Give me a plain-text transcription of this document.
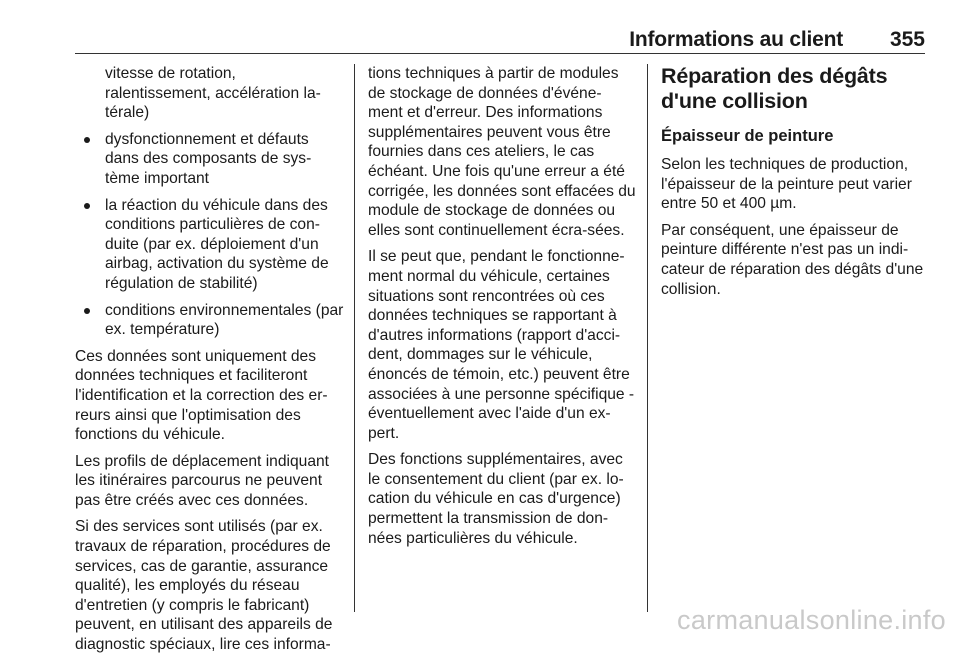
Informations au client 355
vitesse de rotation, ralentissement, accélération la-térale)
dysfonctionnement et défauts dans des composants de sys-tème important
la réaction du véhicule dans des conditions particulières de con-duite (par ex. déploiement d'un airbag, activation du système de régulation de stabilité)
conditions environnementales (par ex. température)

Ces données sont uniquement des données techniques et faciliteront l'identification et la correction des er-reurs ainsi que l'optimisation des fonctions du véhicule.

Les profils de déplacement indiquant les itinéraires parcourus ne peuvent pas être créés avec ces données.

Si des services sont utilisés (par ex. travaux de réparation, procédures de services, cas de garantie, assurance qualité), les employés du réseau d'entretien (y compris le fabricant) peuvent, en utilisant des appareils de diagnostic spéciaux, lire ces informa-

tions techniques à partir de modules de stockage de données d'événe-ment et d'erreur. Des informations supplémentaires peuvent vous être fournies dans ces ateliers, le cas échéant. Une fois qu'une erreur a été corrigée, les données sont effacées du module de stockage de données ou elles sont continuellement écra-sées.

Il se peut que, pendant le fonctionne-ment normal du véhicule, certaines situations sont rencontrées où ces données techniques se rapportant à d'autres informations (rapport d'acci-dent, dommages sur le véhicule, énoncés de témoin, etc.) peuvent être associées à une personne spécifique - éventuellement avec l'aide d'un ex-pert.

Des fonctions supplémentaires, avec le consentement du client (par ex. lo-cation du véhicule en cas d'urgence) permettent la transmission de don-nées particulières du véhicule.

Réparation des dégâts d'une collision
Épaisseur de peinture

Selon les techniques de production, l'épaisseur de la peinture peut varier entre 50 et 400 µm.

Par conséquent, une épaisseur de peinture différente n'est pas un indi-cateur de réparation des dégâts d'une collision.

carmanualsonline.info
